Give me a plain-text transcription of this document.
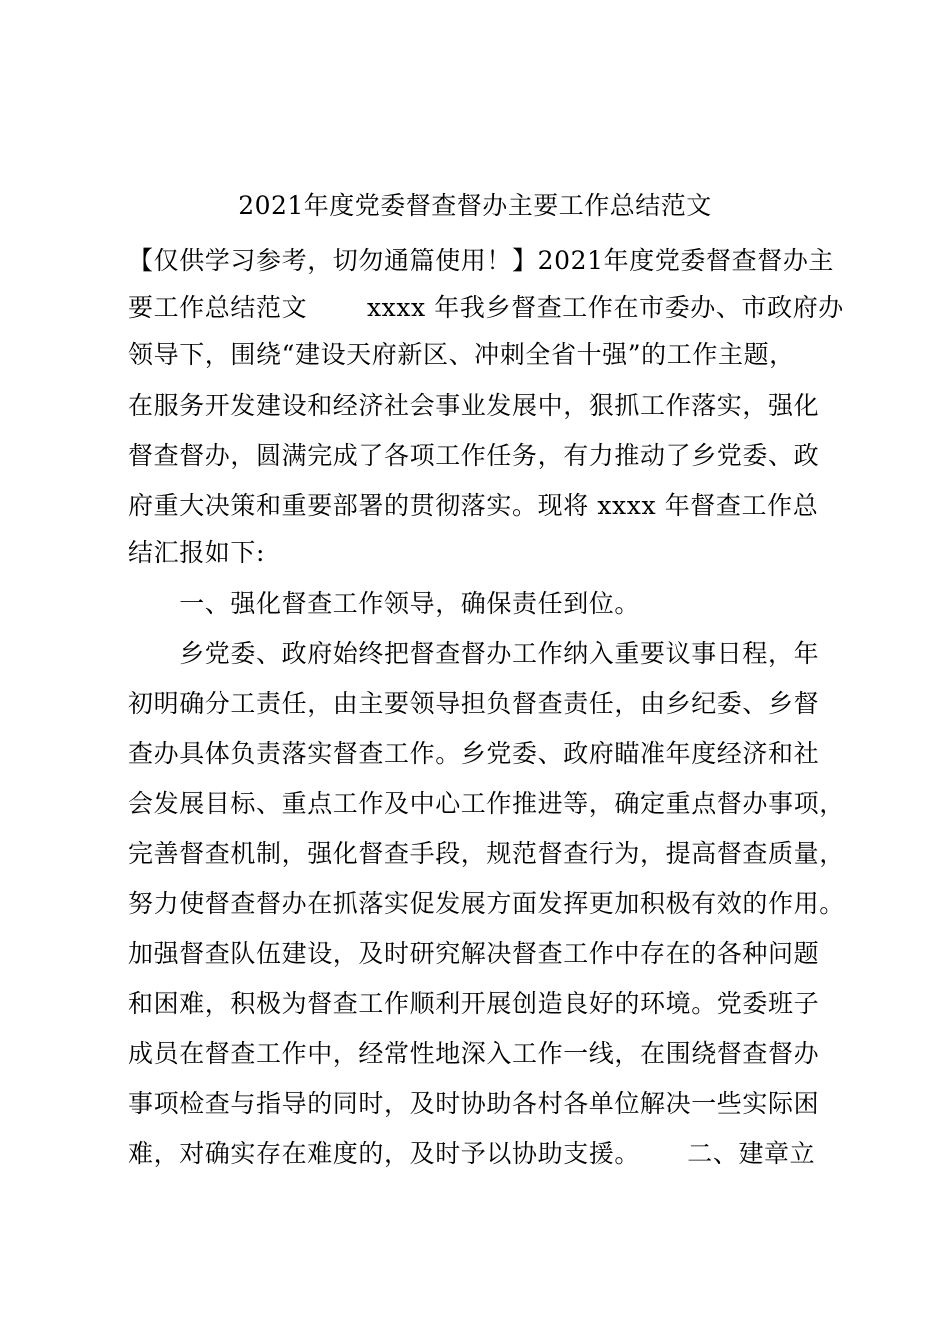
2021年度党委督查督办主要工作总结范文
【仅供学习参考，切勿通篇使用！】2021年度党委督查督办主
要工作总结范文　　 xxxx 年我乡督查工作在市委办、市政府办
领导下，围绕“建设天府新区、冲刺全省十强”的工作主题，
在服务开发建设和经济社会事业发展中，狠抓工作落实，强化
督查督办，圆满完成了各项工作任务，有力推动了乡党委、政
府重大决策和重要部署的贯彻落实。现将 xxxx 年督查工作总
结汇报如下:
　　一、强化督查工作领导，确保责任到位。
　　乡党委、政府始终把督查督办工作纳入重要议事日程，年
初明确分工责任，由主要领导担负督查责任，由乡纪委、乡督
查办具体负责落实督查工作。乡党委、政府瞄准年度经济和社
会发展目标、重点工作及中心工作推进等，确定重点督办事项，
完善督查机制，强化督查手段，规范督查行为，提高督查质量，
努力使督查督办在抓落实促发展方面发挥更加积极有效的作用。
加强督查队伍建设，及时研究解决督查工作中存在的各种问题
和困难，积极为督查工作顺利开展创造良好的环境。党委班子
成员在督查工作中，经常性地深入工作一线，在围绕督查督办
事项检查与指导的同时，及时协助各村各单位解决一些实际困
难，对确实存在难度的，及时予以协助支援。　　 二、建章立
